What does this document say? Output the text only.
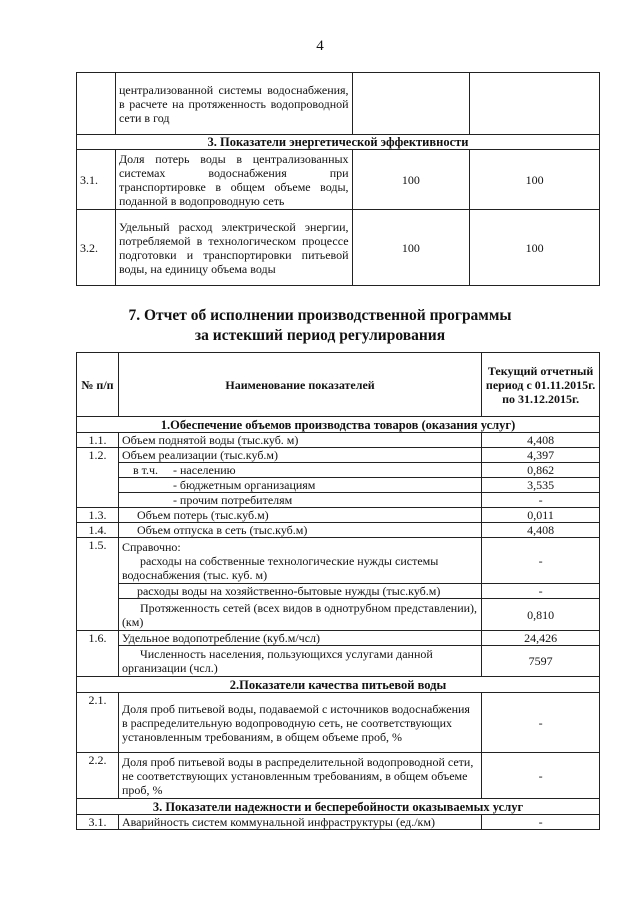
4
	централизованной системы водоснабжения, в расчете на протяженность водопроводной сети в год		
3. Показатели энергетической эффективности			
3.1.	Доля потерь воды в централизованных системах водоснабжения при транспортировке в общем объеме воды, поданной в водопроводную сеть	100	100
3.2.	Удельный расход электрической энергии, потребляемой в технологическом процессе подготовки и транспортировки питьевой воды, на единицу объема воды	100	100
7. Отчет об исполнении производственной программы
за истекший период регулирования
№ п/п	Наименование показателей	Текущий отчетный период с 01.11.2015г. по 31.12.2015г.
1.Обеспечение объемов производства товаров (оказания услуг)		
1.1.	Объем поднятой воды (тыс.куб. м)	4,408
1.2.	Объем реализации (тыс.куб.м)	4,397
	в т.ч. - населению	0,862
	- бюджетным организациям	3,535
	- прочим потребителям	-
1.3.	Объем потерь (тыс.куб.м)	0,011
1.4.	Объем отпуска в сеть (тыс.куб.м)	4,408
1.5.	Справочно:
расходы на собственные технологические нужды системы водоснабжения (тыс. куб. м)	-
	расходы воды на хозяйственно-бытовые нужды (тыс.куб.м)	-
	Протяженность сетей (всех видов в однотрубном представлении), (км)	0,810
1.6.	Удельное водопотребление (куб.м/чсл)	24,426
	Численность населения, пользующихся услугами данной организации (чсл.)	7597
2.Показатели качества питьевой воды		
2.1.	Доля проб питьевой воды, подаваемой с источников водоснабжения в распределительную водопроводную сеть, не соответствующих установленным требованиям, в общем объеме проб, %	-
2.2.	Доля проб питьевой воды в распределительной водопроводной сети, не соответствующих установленным требованиям, в общем объеме проб, %	-
3. Показатели надежности и бесперебойности оказываемых услуг		
3.1.	Аварийность систем коммунальной инфраструктуры (ед./км)	-
